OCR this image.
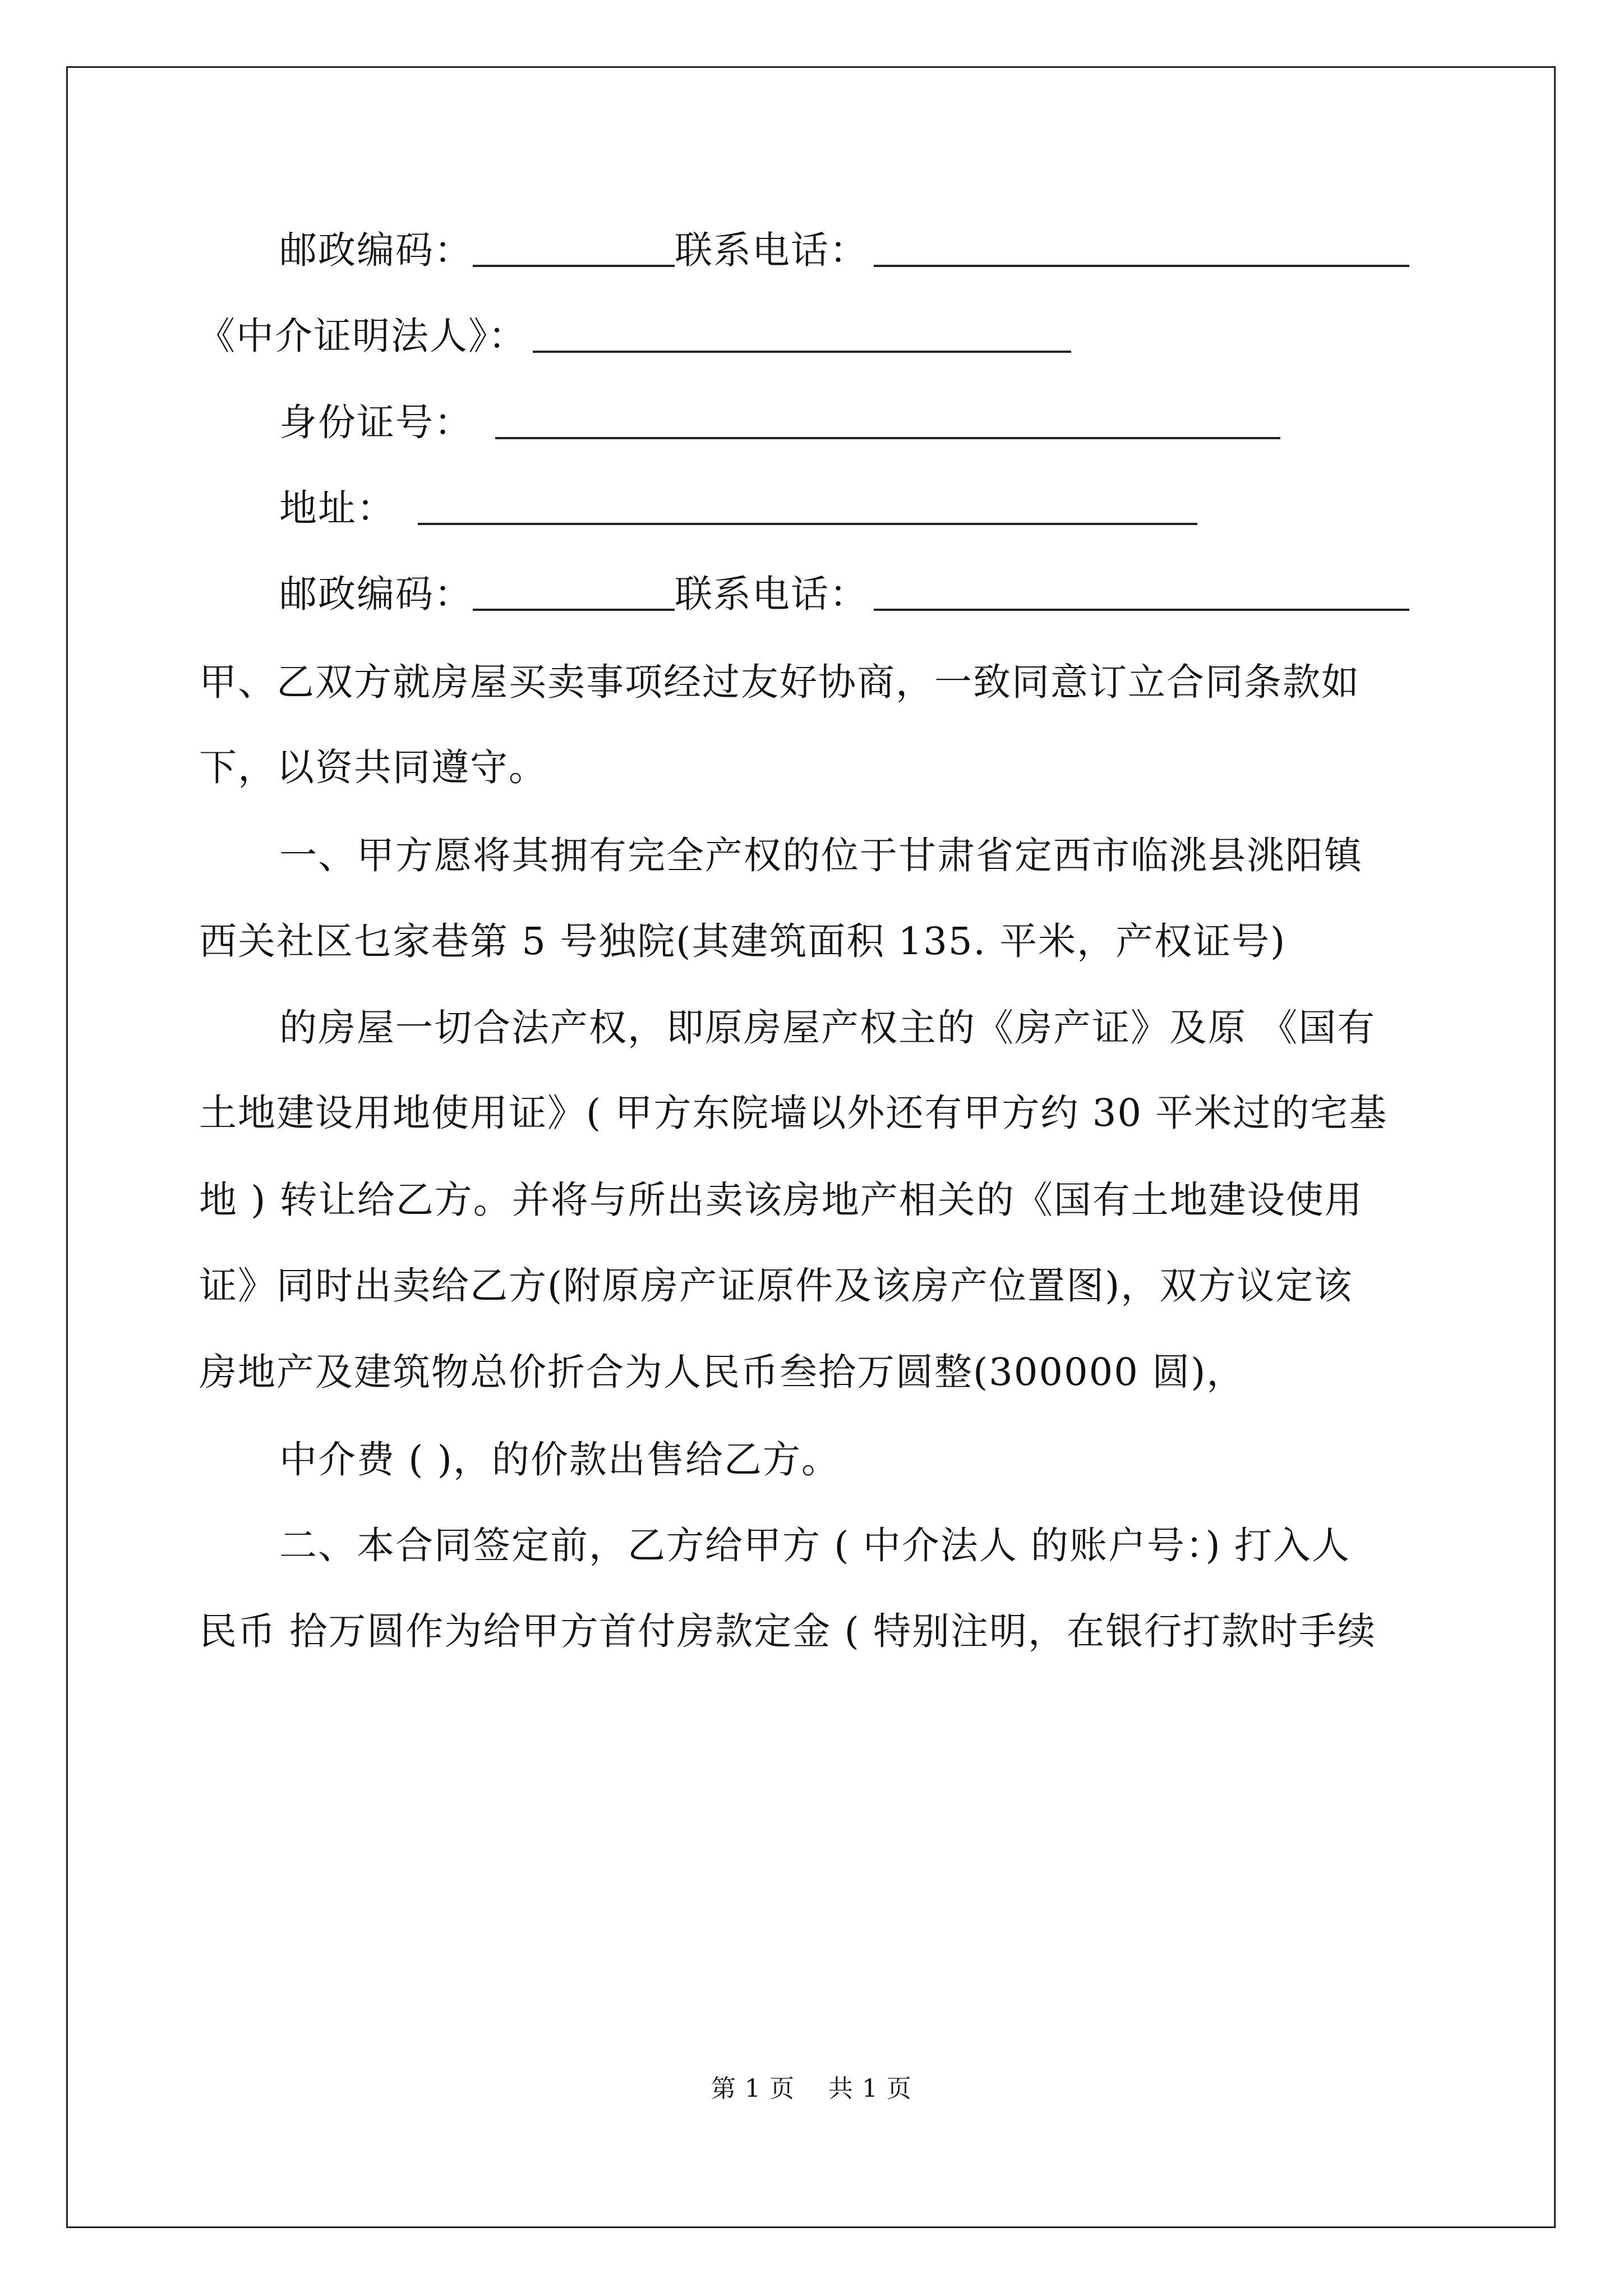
邮政编码：	联系电话：
《中介证明法人》：
身份证号：
地址：
邮政编码：	联系电话：
甲、乙双方就房屋买卖事项经过友好协商，一致同意订立合同条款如
下，以资共同遵守。
一、甲方愿将其拥有完全产权的位于甘肃省定西市临洮县洮阳镇
西关社区乜家巷第 5 号独院(其建筑面积 135. 平米，产权证号)
的房屋一切合法产权，即原房屋产权主的《房产证》及原 《国有
土地建设用地使用证》( 甲方东院墙以外还有甲方约 30 平米过的宅基
地 ) 转让给乙方。并将与所出卖该房地产相关的《国有土地建设使用
证》同时出卖给乙方(附原房产证原件及该房产位置图)，双方议定该
房地产及建筑物总价折合为人民币叁拾万圆整(300000 圆)，
中介费 ( )，的价款出售给乙方。
二、本合同签定前，乙方给甲方 ( 中介法人 的账户号：) 打入人
民币 拾万圆作为给甲方首付房款定金 ( 特别注明，在银行打款时手续
第 1 页    共 1 页
